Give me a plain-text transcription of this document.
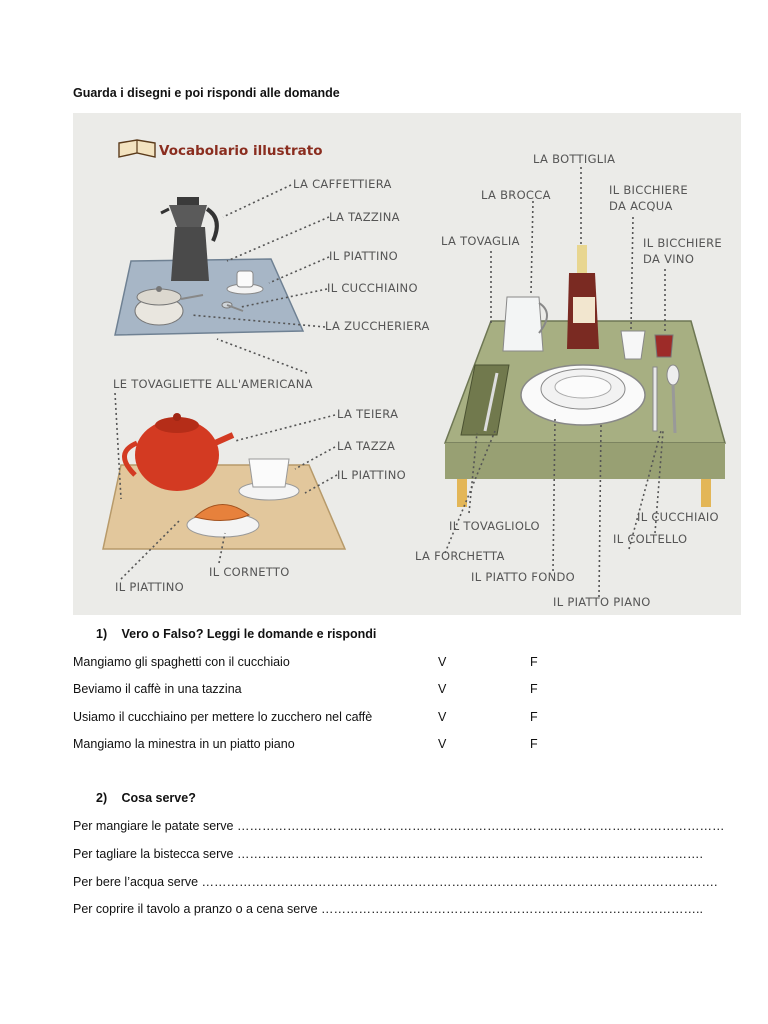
Guarda i disegni e poi rispondi alle domande
Vocabolario illustrato
LA CAFFETTIERA
LA TAZZINA
IL PIATTINO
IL CUCCHIAINO
LA ZUCCHERIERA
LE TOVAGLIETTE ALL'AMERICANA
LA TEIERA
LA TAZZA
IL PIATTINO
IL PIATTINO
IL CORNETTO
LA BOTTIGLIA
LA BROCCA	IL BICCHIERE
DA ACQUA
LA TOVAGLIA	IL BICCHIERE
DA VINO
IL TOVAGLIOLO
LA FORCHETTA
IL PIATTO FONDO
IL PIATTO PIANO
IL CUCCHIAIO
IL COLTELLO
1) Vero o Falso? Leggi le domande e rispondi
Mangiamo gli spaghetti con il cucchiaio	V	F
Beviamo il caffè in una tazzina	V	F
Usiamo il cucchiaino per mettere lo zucchero nel caffè	V	F
Mangiamo la minestra in un piatto piano	V	F
2) Cosa serve?
Per mangiare le patate serve ………………………………………………………………………………………………………
Per tagliare la bistecca serve ………………………………………………………………………………………………….
Per bere l’acqua serve …………………………………………………………………………………………………………….
Per coprire il tavolo a pranzo o a cena serve ………………………………………………………………………………..
